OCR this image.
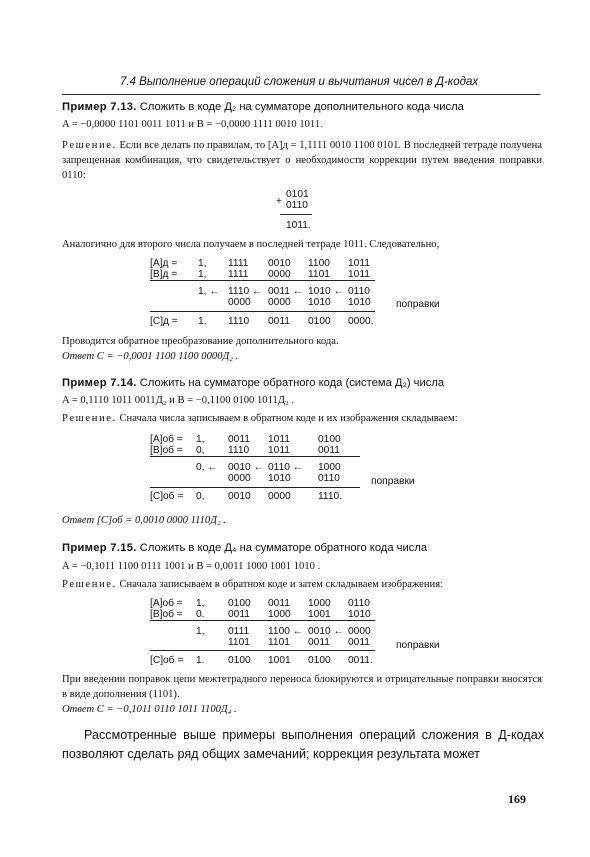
7.4 Выполнение операций сложения и вычитания чисел в Д-кодах
Пример 7.13. Сложить в коде Д₂ на сумматоре дополнительного кода числа
A = −0,0000 1101 0011 1011 и B = −0,0000 1111 0010 1011.
Решение. Если все делать по правилам, то [A]д = 1,1111 0010 1100 0101. В последней тетраде получена запрещенная комбинация, что свидетельствует о необходимости коррекции путем введения поправки 0110:
0101
+ 0110
1011.
Аналогично для второго числа получаем в последней тетраде 1011. Следовательно,
[A]д = 1, 1111 0010 1100 1011
[B]д = 1, 1111 0000 1101 1011
1, ← 1110 ← 0011 ← 1010 ← 0110
0000 0000 1010 1010
[C]д = 1. 1110 0011 0100 0000.
поправки
Проводится обратное преобразование дополнительного кода.
Ответ C = −0,0001 1100 1100 0000Д₂ .
Пример 7.14. Сложить на сумматоре обратного кода (система Д₂) числа
A = 0,1110 1011 0011Д₂ и B = −0,1100 0100 1011Д₂ .
Решение. Сначала числа записываем в обратном коде и их изображения складываем:
[A]об = 1, 0011 1011	0100
[B]об = 0, 1110 1011	0011
0, ← 0010 ← 0110 ← 1000
0000 1010	0110
[C]об = 0, 0010 0000	1110.
поправки
Ответ [C]об = 0,0010 0000 1110Д₂ .
Пример 7.15. Сложить в коде Д₄ на сумматоре обратного кода числа
A = −0,1011 1100 0111 1001 и B = 0,0011 1000 1001 1010 .
Решение. Сначала записываем в обратном коде и затем складываем изображения:
[A]об = 1, 0100 0011 1000 0110
[B]об = 0. 0011 1000 1001 1010
1, 0111 1100 ← 0010 ← 0000
1101 1101 0011 0011
[C]об = 1. 0100 1001 0100 0011.
поправки
При введении поправок цепи межтетрадного переноса блокируются и отрицательные поправки вносятся в виде дополнения (1101).
Ответ C = −0,1011 0110 1011 1100Д₄ .
Рассмотренные выше примеры выполнения операций сложения в Д-кодах позволяют сделать ряд общих замечаний; коррекция результата может
169
